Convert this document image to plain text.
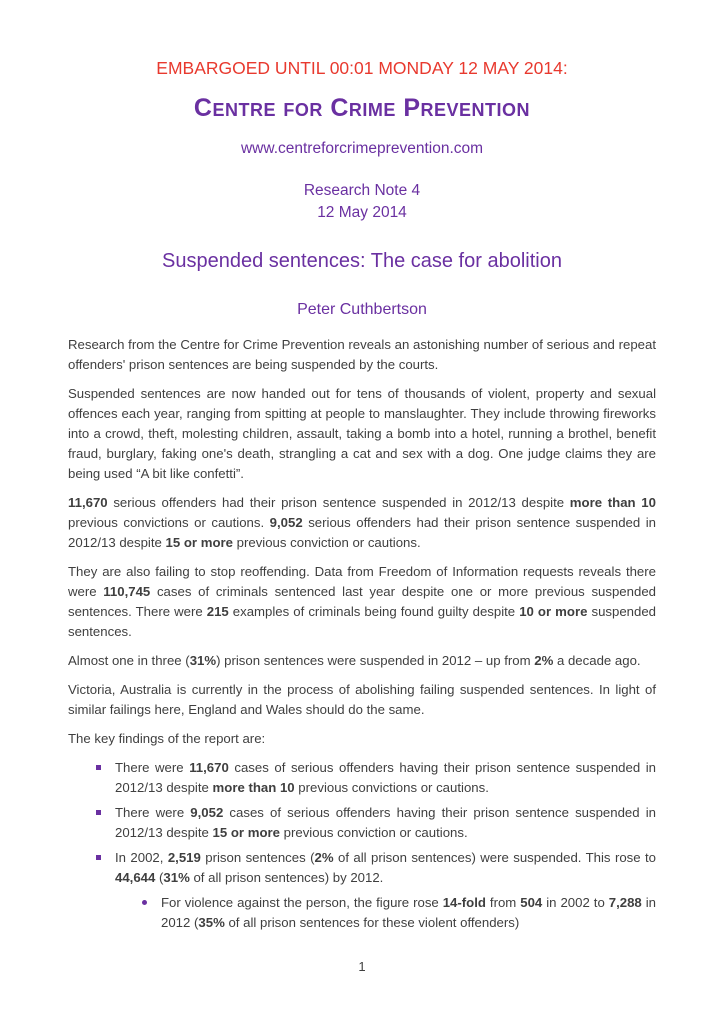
EMBARGOED UNTIL 00:01 MONDAY 12 MAY 2014:
Centre for Crime Prevention
www.centreforcrimeprevention.com
Research Note 4
12 May 2014
Suspended sentences: The case for abolition
Peter Cuthbertson

Research from the Centre for Crime Prevention reveals an astonishing number of serious and repeat offenders' prison sentences are being suspended by the courts.

Suspended sentences are now handed out for tens of thousands of violent, property and sexual offences each year, ranging from spitting at people to manslaughter. They include throwing fireworks into a crowd, theft, molesting children, assault, taking a bomb into a hotel, running a brothel, benefit fraud, burglary, faking one's death, strangling a cat and sex with a dog. One judge claims they are being used “A bit like confetti”.

11,670 serious offenders had their prison sentence suspended in 2012/13 despite more than 10 previous convictions or cautions. 9,052 serious offenders had their prison sentence suspended in 2012/13 despite 15 or more previous conviction or cautions.

They are also failing to stop reoffending. Data from Freedom of Information requests reveals there were 110,745 cases of criminals sentenced last year despite one or more previous suspended sentences. There were 215 examples of criminals being found guilty despite 10 or more suspended sentences.

Almost one in three (31%) prison sentences were suspended in 2012 – up from 2% a decade ago.

Victoria, Australia is currently in the process of abolishing failing suspended sentences. In light of similar failings here, England and Wales should do the same.

The key findings of the report are:

There were 11,670 cases of serious offenders having their prison sentence suspended in 2012/13 despite more than 10 previous convictions or cautions.
There were 9,052 cases of serious offenders having their prison sentence suspended in 2012/13 despite 15 or more previous conviction or cautions.
In 2002, 2,519 prison sentences (2% of all prison sentences) were suspended. This rose to 44,644 (31% of all prison sentences) by 2012.
For violence against the person, the figure rose 14-fold from 504 in 2002 to 7,288 in 2012 (35% of all prison sentences for these violent offenders)
1
